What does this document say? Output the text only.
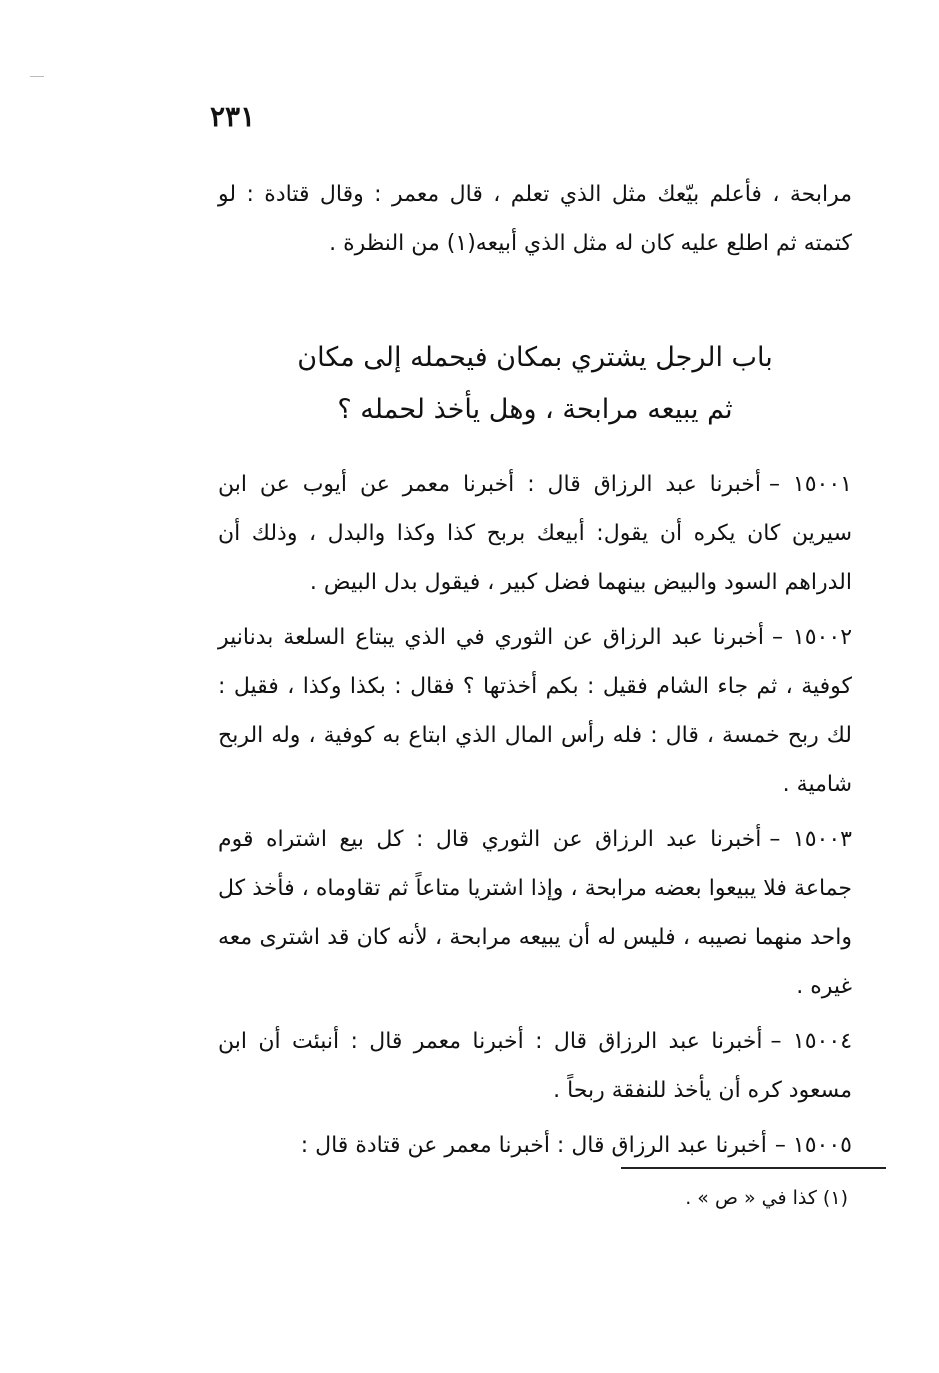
٢٣١
مرابحة ، فأعلم بيّعك مثل الذي تعلم ، قال معمر : وقال قتادة : لو كتمته ثم اطلع عليه كان له مثل الذي أبيعه(١) من النظرة .
باب الرجل يشتري بمكان فيحمله إلى مكان
ثم يبيعه مرابحة ، وهل يأخذ لحمله ؟

١٥٠٠١ –أخبرنا عبد الرزاق قال : أخبرنا معمر عن أيوب عن ابن سيرين كان يكره أن يقول: أبيعك بربح كذا وكذا والبدل ، وذلك أن الدراهم السود والبيض بينهما فضل كبير ، فيقول بدل البيض .

١٥٠٠٢ –أخبرنا عبد الرزاق عن الثوري في الذي يبتاع السلعة بدنانير كوفية ، ثم جاء الشام فقيل : بكم أخذتها ؟ فقال : بكذا وكذا ، فقيل : لك ربح خمسة ، قال : فله رأس المال الذي ابتاع به كوفية ، وله الربح شامية .

١٥٠٠٣ –أخبرنا عبد الرزاق عن الثوري قال : كل بيع اشتراه قوم جماعة فلا يبيعوا بعضه مرابحة ، وإذا اشتريا متاعاً ثم تقاوماه ، فأخذ كل واحد منهما نصيبه ، فليس له أن يبيعه مرابحة ، لأنه كان قد اشترى معه غيره .

١٥٠٠٤ –أخبرنا عبد الرزاق قال : أخبرنا معمر قال : أنبئت أن ابن مسعود كره أن يأخذ للنفقة ربحاً .

١٥٠٠٥ –أخبرنا عبد الرزاق قال : أخبرنا معمر عن قتادة قال :

(١) كذا في « ص » .
